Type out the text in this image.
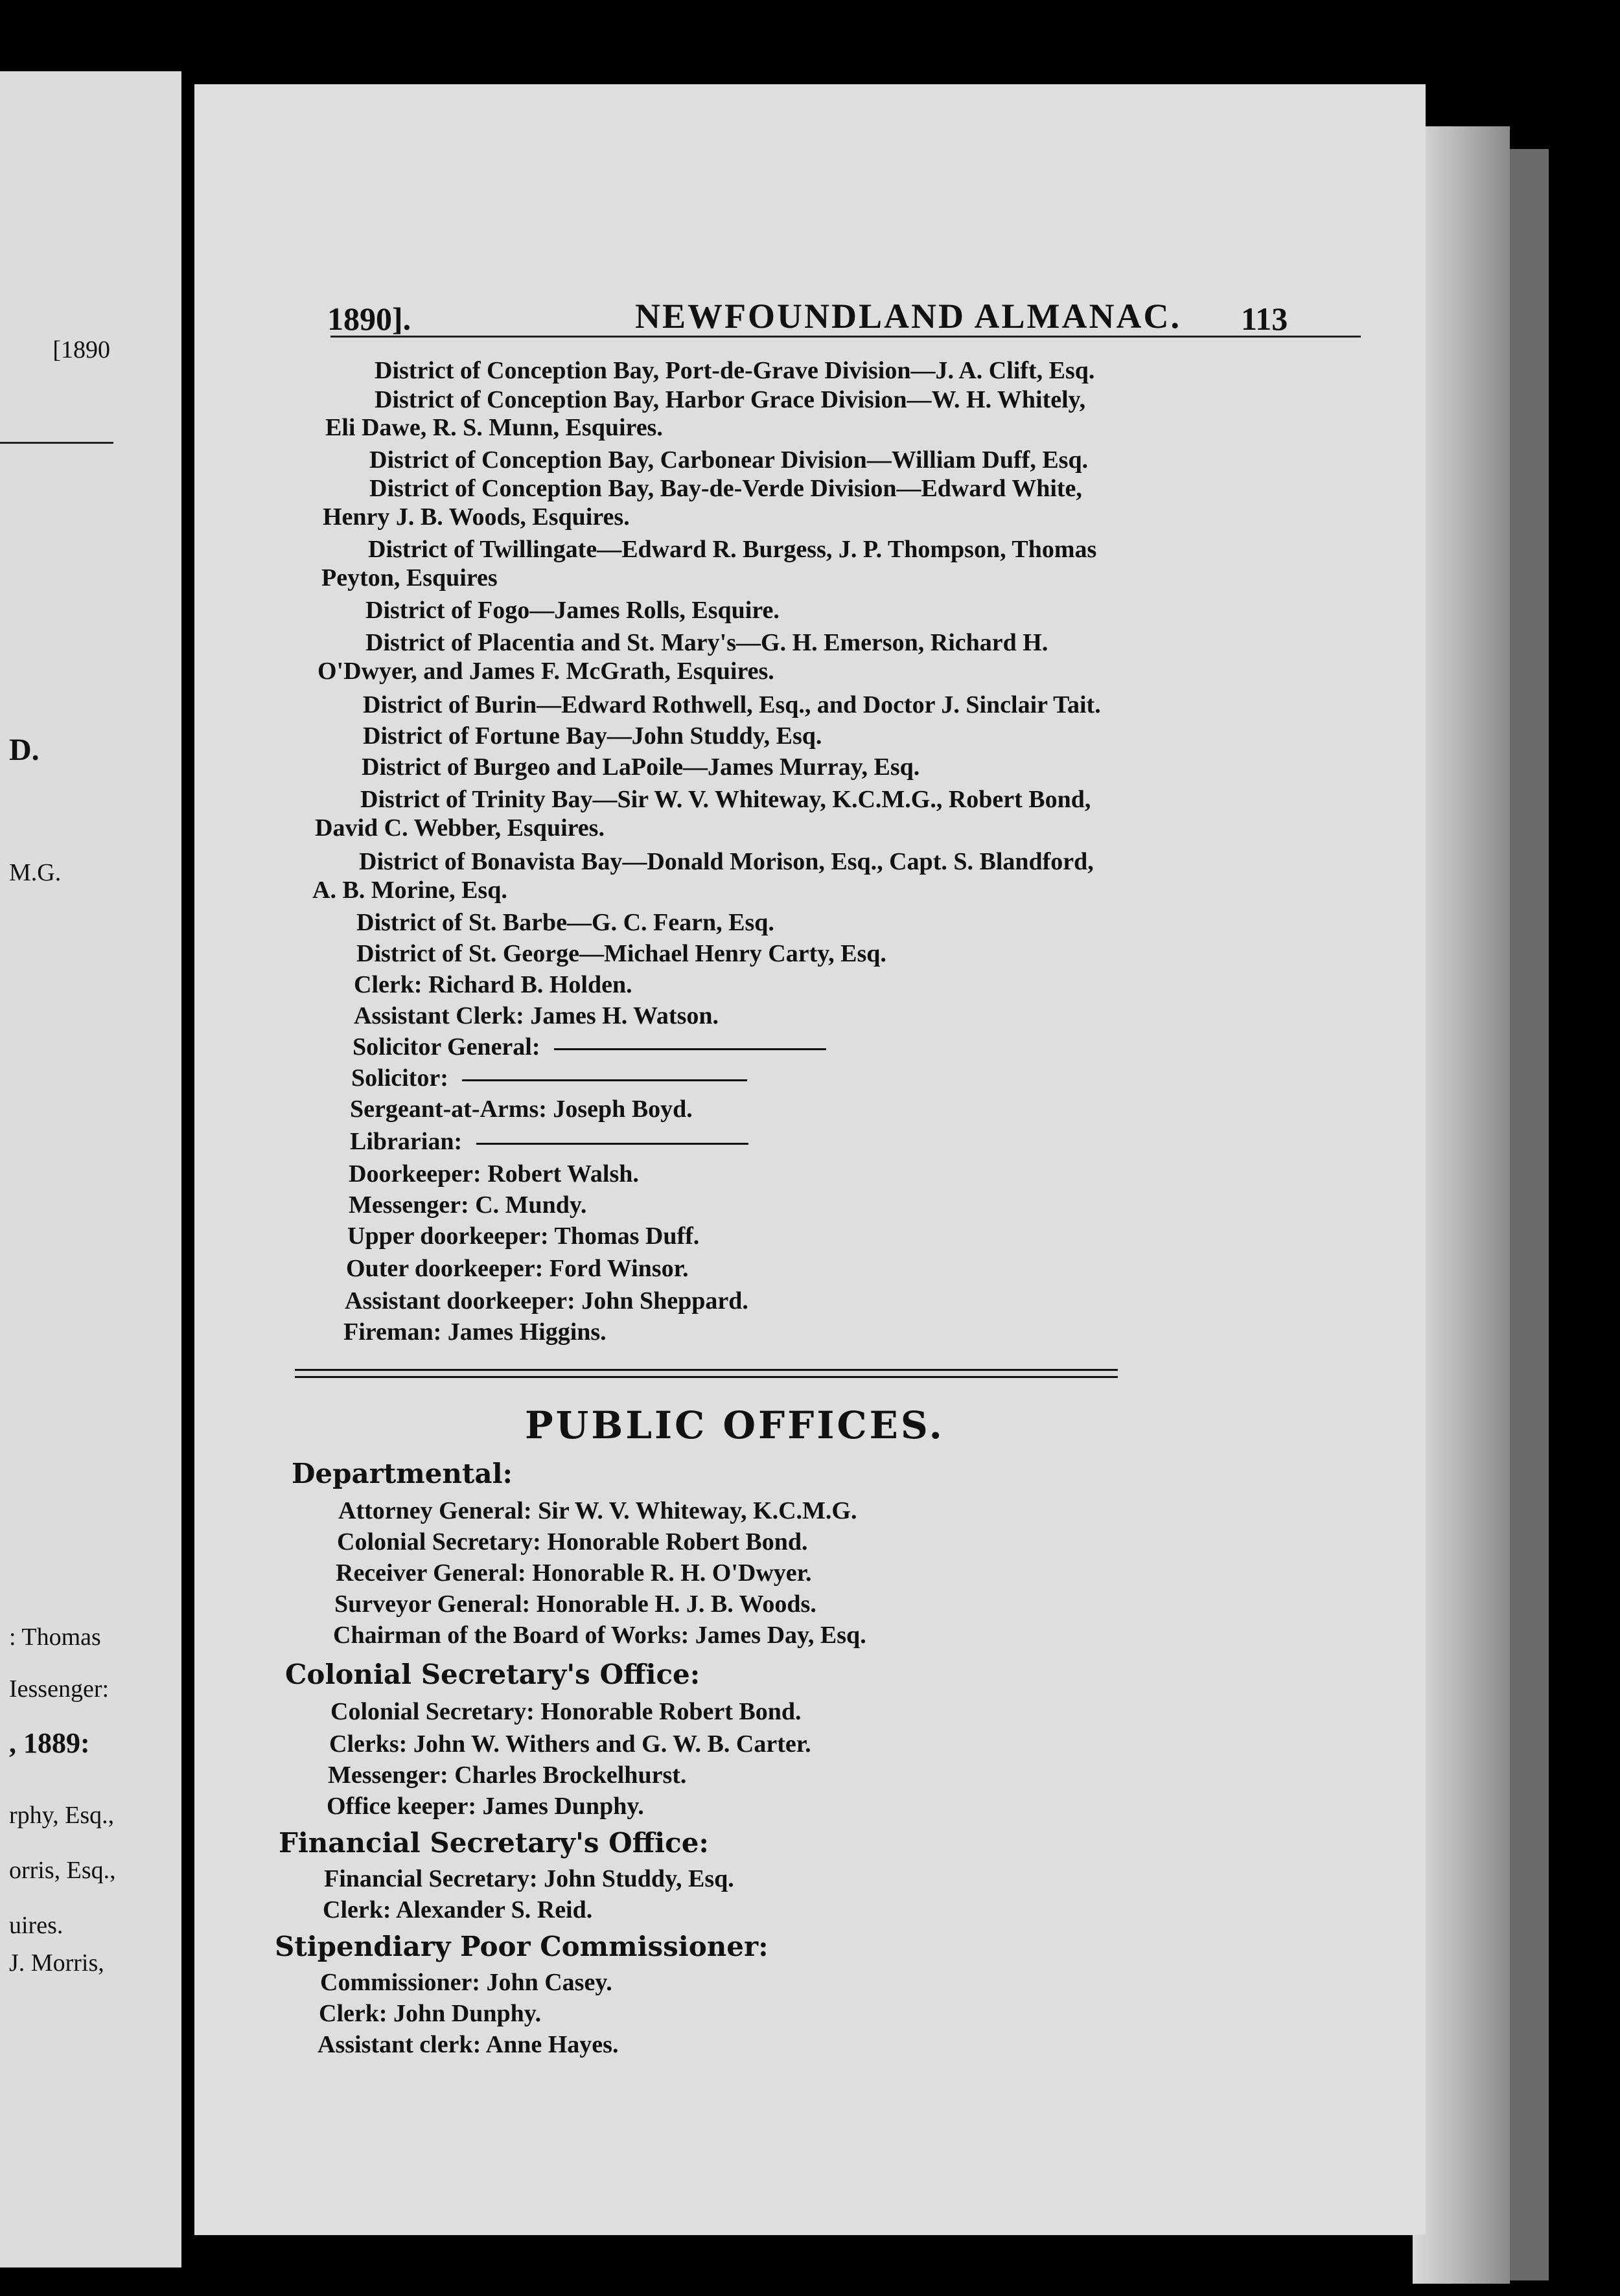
[1890
D.
M.G.
: Thomas
Iessenger:
, 1889:
rphy, Esq.,
orris, Esq.,
uires.
J. Morris,
1890].	NEWFOUNDLAND ALMANAC. 113
District of Conception Bay, Port-de-Grave Division—J. A. Clift, Esq.
District of Conception Bay, Harbor Grace Division—W. H. Whitely,
Eli Dawe, R. S. Munn, Esquires.
District of Conception Bay, Carbonear Division—William Duff, Esq.
District of Conception Bay, Bay-de-Verde Division—Edward White,
Henry J. B. Woods, Esquires.
District of Twillingate—Edward R. Burgess, J. P. Thompson, Thomas
Peyton, Esquires
District of Fogo—James Rolls, Esquire.
District of Placentia and St. Mary's—G. H. Emerson, Richard H.
O'Dwyer, and James F. McGrath, Esquires.
District of Burin—Edward Rothwell, Esq., and Doctor J. Sinclair Tait.
District of Fortune Bay—John Studdy, Esq.
District of Burgeo and LaPoile—James Murray, Esq.
District of Trinity Bay—Sir W. V. Whiteway, K.C.M.G., Robert Bond,
David C. Webber, Esquires.
District of Bonavista Bay—Donald Morison, Esq., Capt. S. Blandford,
A. B. Morine, Esq.
District of St. Barbe—G. C. Fearn, Esq.
District of St. George—Michael Henry Carty, Esq.
Clerk: Richard B. Holden.
Assistant Clerk: James H. Watson.
Solicitor General:
Solicitor:
Sergeant-at-Arms: Joseph Boyd.
Librarian:
Doorkeeper: Robert Walsh.
Messenger: C. Mundy.
Upper doorkeeper: Thomas Duff.
Outer doorkeeper: Ford Winsor.
Assistant doorkeeper: John Sheppard.
Fireman: James Higgins.
PUBLIC OFFICES.
Departmental:
Attorney General: Sir W. V. Whiteway, K.C.M.G.
Colonial Secretary: Honorable Robert Bond.
Receiver General: Honorable R. H. O'Dwyer.
Surveyor General: Honorable H. J. B. Woods.
Chairman of the Board of Works: James Day, Esq.
Colonial Secretary's Office:
Colonial Secretary: Honorable Robert Bond.
Clerks: John W. Withers and G. W. B. Carter.
Messenger: Charles Brockelhurst.
Office keeper: James Dunphy.
Financial Secretary's Office:
Financial Secretary: John Studdy, Esq.
Clerk: Alexander S. Reid.
Stipendiary Poor Commissioner:
Commissioner: John Casey.
Clerk: John Dunphy.
Assistant clerk: Anne Hayes.
